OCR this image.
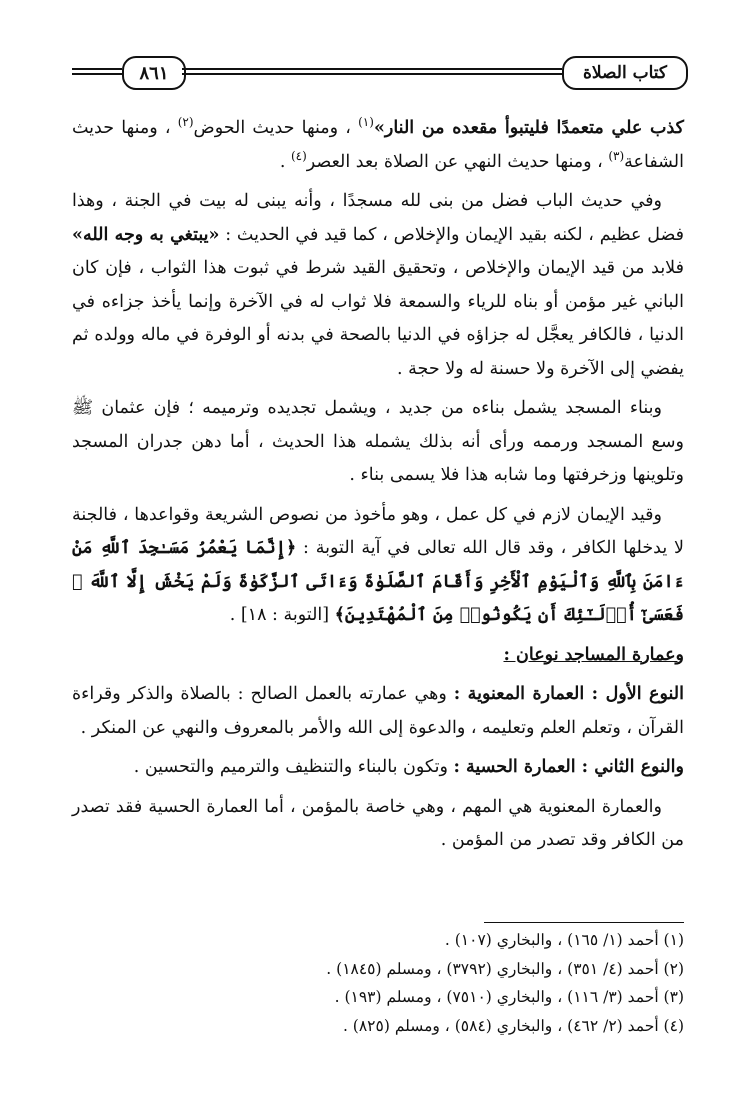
٨٦١	كتاب الصلاة

كذب علي متعمدًا فليتبوأ مقعده من النار»$^{(١)}$ ، ومنها حديث الحوض$^{(٢)}$ ، ومنها حديث الشفاعة$^{(٣)}$ ، ومنها حديث النهي عن الصلاة بعد العصر$^{(٤)}$ .

وفي حديث الباب فضل من بنى لله مسجدًا ، وأنه يبنى له بيت في الجنة ، وهذا فضل عظيم ، لكنه بقيد الإيمان والإخلاص ، كما قيد في الحديث : «يبتغي به وجه الله» فلابد من قيد الإيمان والإخلاص ، وتحقيق القيد شرط في ثبوت هذا الثواب ، فإن كان الباني غير مؤمن أو بناه للرياء والسمعة فلا ثواب له في الآخرة وإنما يأخذ جزاءه في الدنيا ، فالكافر يعجَّل له جزاؤه في الدنيا بالصحة في بدنه أو الوفرة في ماله وولده ثم يفضي إلى الآخرة ولا حسنة له ولا حجة .

وبناء المسجد يشمل بناءه من جديد ، ويشمل تجديده وترميمه ؛ فإن عثمان ﷺ وسع المسجد ورممه ورأى أنه بذلك يشمله هذا الحديث ، أما دهن جدران المسجد وتلوينها وزخرفتها وما شابه هذا فلا يسمى بناء .

وقيد الإيمان لازم في كل عمل ، وهو مأخوذ من نصوص الشريعة وقواعدها ، فالجنة لا يدخلها الكافر ، وقد قال الله تعالى في آية التوبة : ﴿إِنَّمَا يَعْمُرُ مَسَـٰجِدَ ٱللَّهِ مَنْ ءَامَنَ بِٱللَّهِ وَٱلْيَوْمِ ٱلْأَخِرِ وَأَقَامَ ٱلصَّلَوٰةَ وَءَاتَى ٱلزَّكَوٰةَ وَلَمْ يَخْشَ إِلَّا ٱللَّهَ ۖ فَعَسَىٰٓ أُو۟لَـٰٓئِكَ أَن يَكُونُوا۟ مِنَ ٱلْمُهْتَدِينَ﴾ [التوبة : ١٨] .

وعمارة المساجد نوعان :

النوع الأول : العمارة المعنوية : وهي عمارته بالعمل الصالح : بالصلاة والذكر وقراءة القرآن ، وتعلم العلم وتعليمه ، والدعوة إلى الله والأمر بالمعروف والنهي عن المنكر .

والنوع الثاني : العمارة الحسية : وتكون بالبناء والتنظيف والترميم والتحسين .

والعمارة المعنوية هي المهم ، وهي خاصة بالمؤمن ، أما العمارة الحسية فقد تصدر من الكافر وقد تصدر من المؤمن .

(١) أحمد (١/ ١٦٥) ، والبخاري (١٠٧) .

(٢) أحمد (٤/ ٣٥١) ، والبخاري (٣٧٩٢) ، ومسلم (١٨٤٥) .

(٣) أحمد (٣/ ١١٦) ، والبخاري (٧٥١٠) ، ومسلم (١٩٣) .

(٤) أحمد (٢/ ٤٦٢) ، والبخاري (٥٨٤) ، ومسلم (٨٢٥) .
